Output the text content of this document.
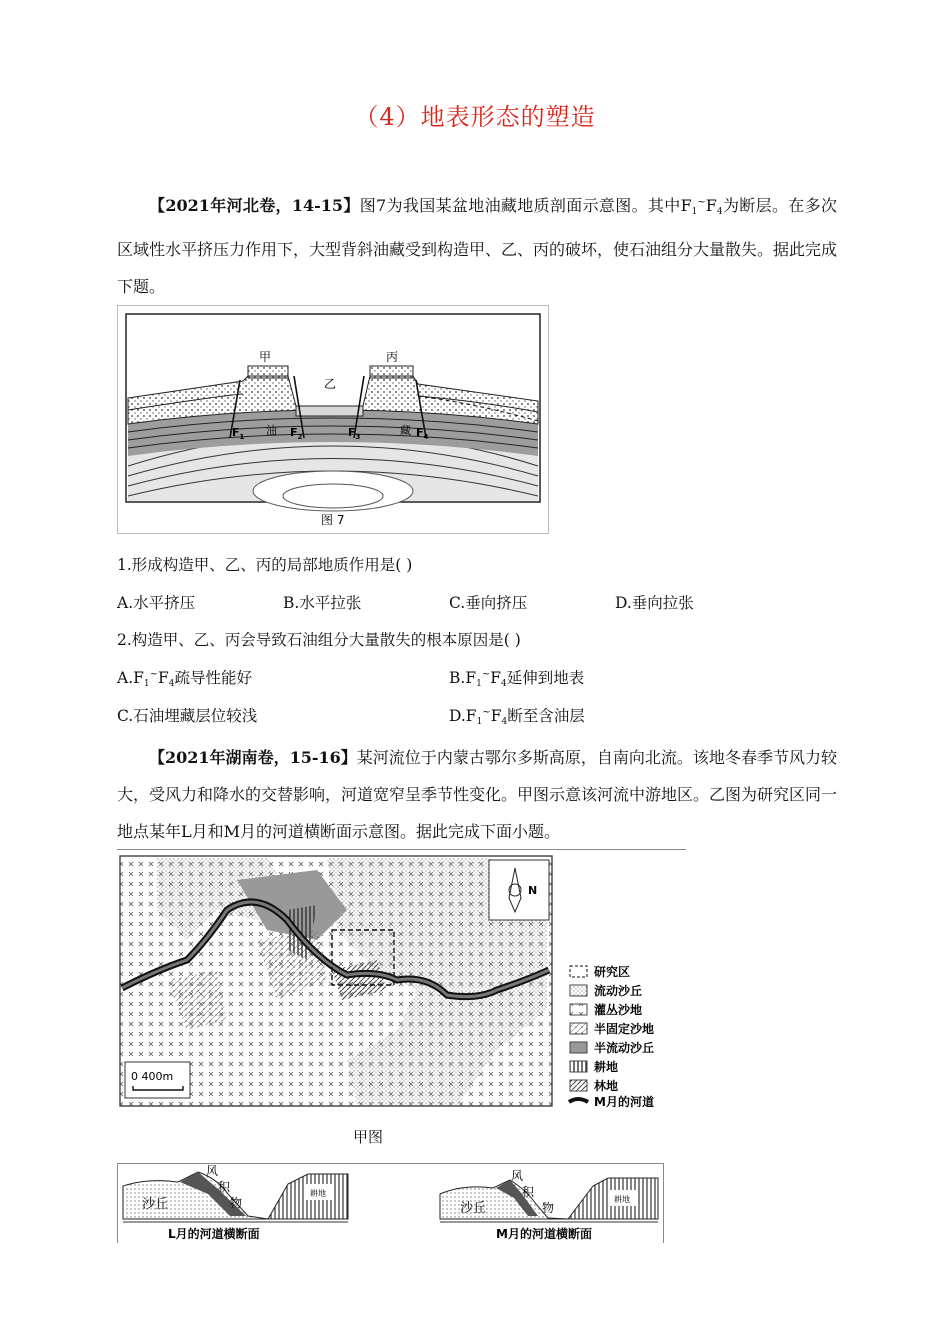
（4）地表形态的塑造
【2021年河北卷，14-15】图7为我国某盆地油藏地质剖面示意图。其中$F_1^\sim F_4$为断层。在多次区域性水平挤压力作用下，大型背斜油藏受到构造甲、乙、丙的破坏，使石油组分大量散失。据此完成下题。
甲
乙
丙
油	藏
$F_1$	$F_2$	$F_3$	$F_4$
图 7
1.形成构造甲、乙、丙的局部地质作用是( )
A.水平挤压	B.水平拉张	C.垂向挤压	D.垂向拉张
2.构造甲、乙、丙会导致石油组分大量散失的根本原因是( )
$A.F_1^\sim F_4$疏导性能好	$B.F_1^\sim F_4$延伸到地表
C.石油埋藏层位较浅	$D.F_1^\sim F_4$断至含油层
【2021年湖南卷，15-16】某河流位于内蒙古鄂尔多斯高原，自南向北流。该地冬春季节风力较大，受风力和降水的交替影响，河道宽窄呈季节性变化。甲图示意该河流中游地区。乙图为研究区同一地点某年L月和M月的河道横断面示意图。据此完成下面小题。
N
0 400m
研究区
流动沙丘
灌丛沙地
半固定沙地
半流动沙丘
耕地
林地
M月的河道
甲图
耕地
沙丘
风
积
物
L月的河道横断面
耕地
沙丘
风
积
物
M月的河道横断面
